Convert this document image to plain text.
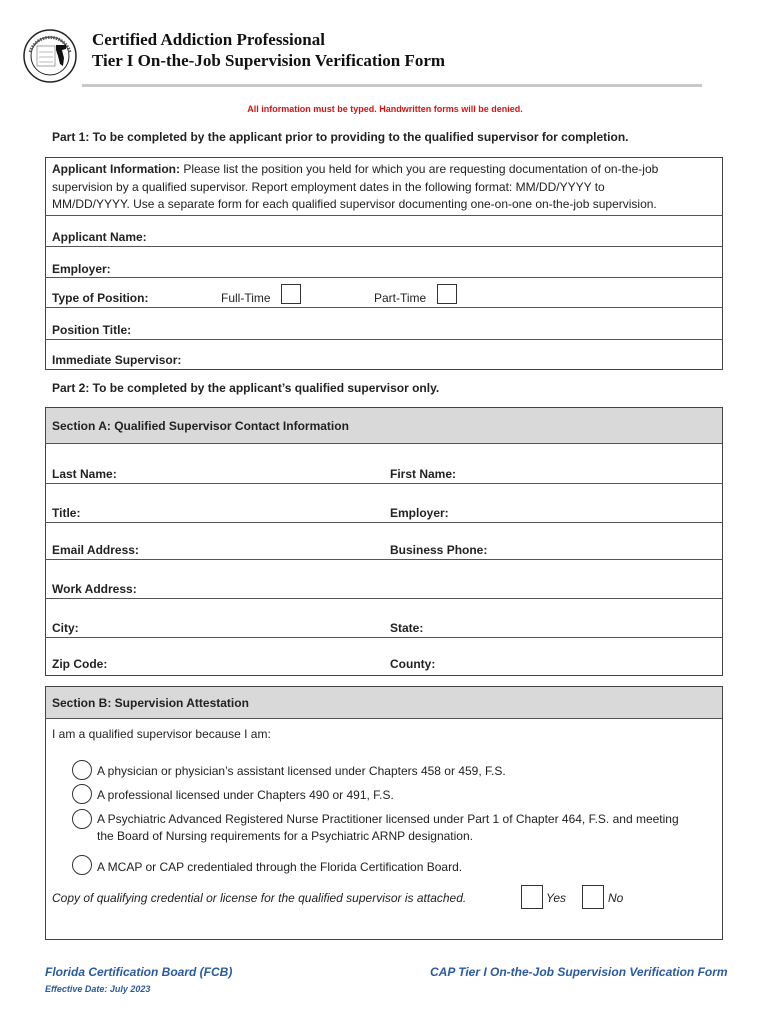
Certified Addiction Professional
Tier I On-the-Job Supervision Verification Form
All information must be typed. Handwritten forms will be denied.
Part 1: To be completed by the applicant prior to providing to the qualified supervisor for completion.
Applicant Information: Please list the position you held for which you are requesting documentation of on-the-job
supervision by a qualified supervisor. Report employment dates in the following format: MM/DD/YYYY to
MM/DD/YYYY. Use a separate form for each qualified supervisor documenting one-on-one on-the-job supervision.
Applicant Name:
Employer:
Type of Position:	Full-Time	Part-Time
Position Title:
Immediate Supervisor:
Part 2: To be completed by the applicant’s qualified supervisor only.
Section A: Qualified Supervisor Contact Information
Last Name:	First Name:
Title:	Employer:
Email Address:	Business Phone:
Work Address:
City:	State:
Zip Code:	County:
Section B: Supervision Attestation
I am a qualified supervisor because I am:
A physician or physician’s assistant licensed under Chapters 458 or 459, F.S.
A professional licensed under Chapters 490 or 491, F.S.
A Psychiatric Advanced Registered Nurse Practitioner licensed under Part 1 of Chapter 464, F.S. and meeting
the Board of Nursing requirements for a Psychiatric ARNP designation.
A MCAP or CAP credentialed through the Florida Certification Board.
Copy of qualifying credential or license for the qualified supervisor is attached.	Yes	No
Florida Certification Board (FCB)
Effective Date: July 2023
CAP Tier I On-the-Job Supervision Verification Form
